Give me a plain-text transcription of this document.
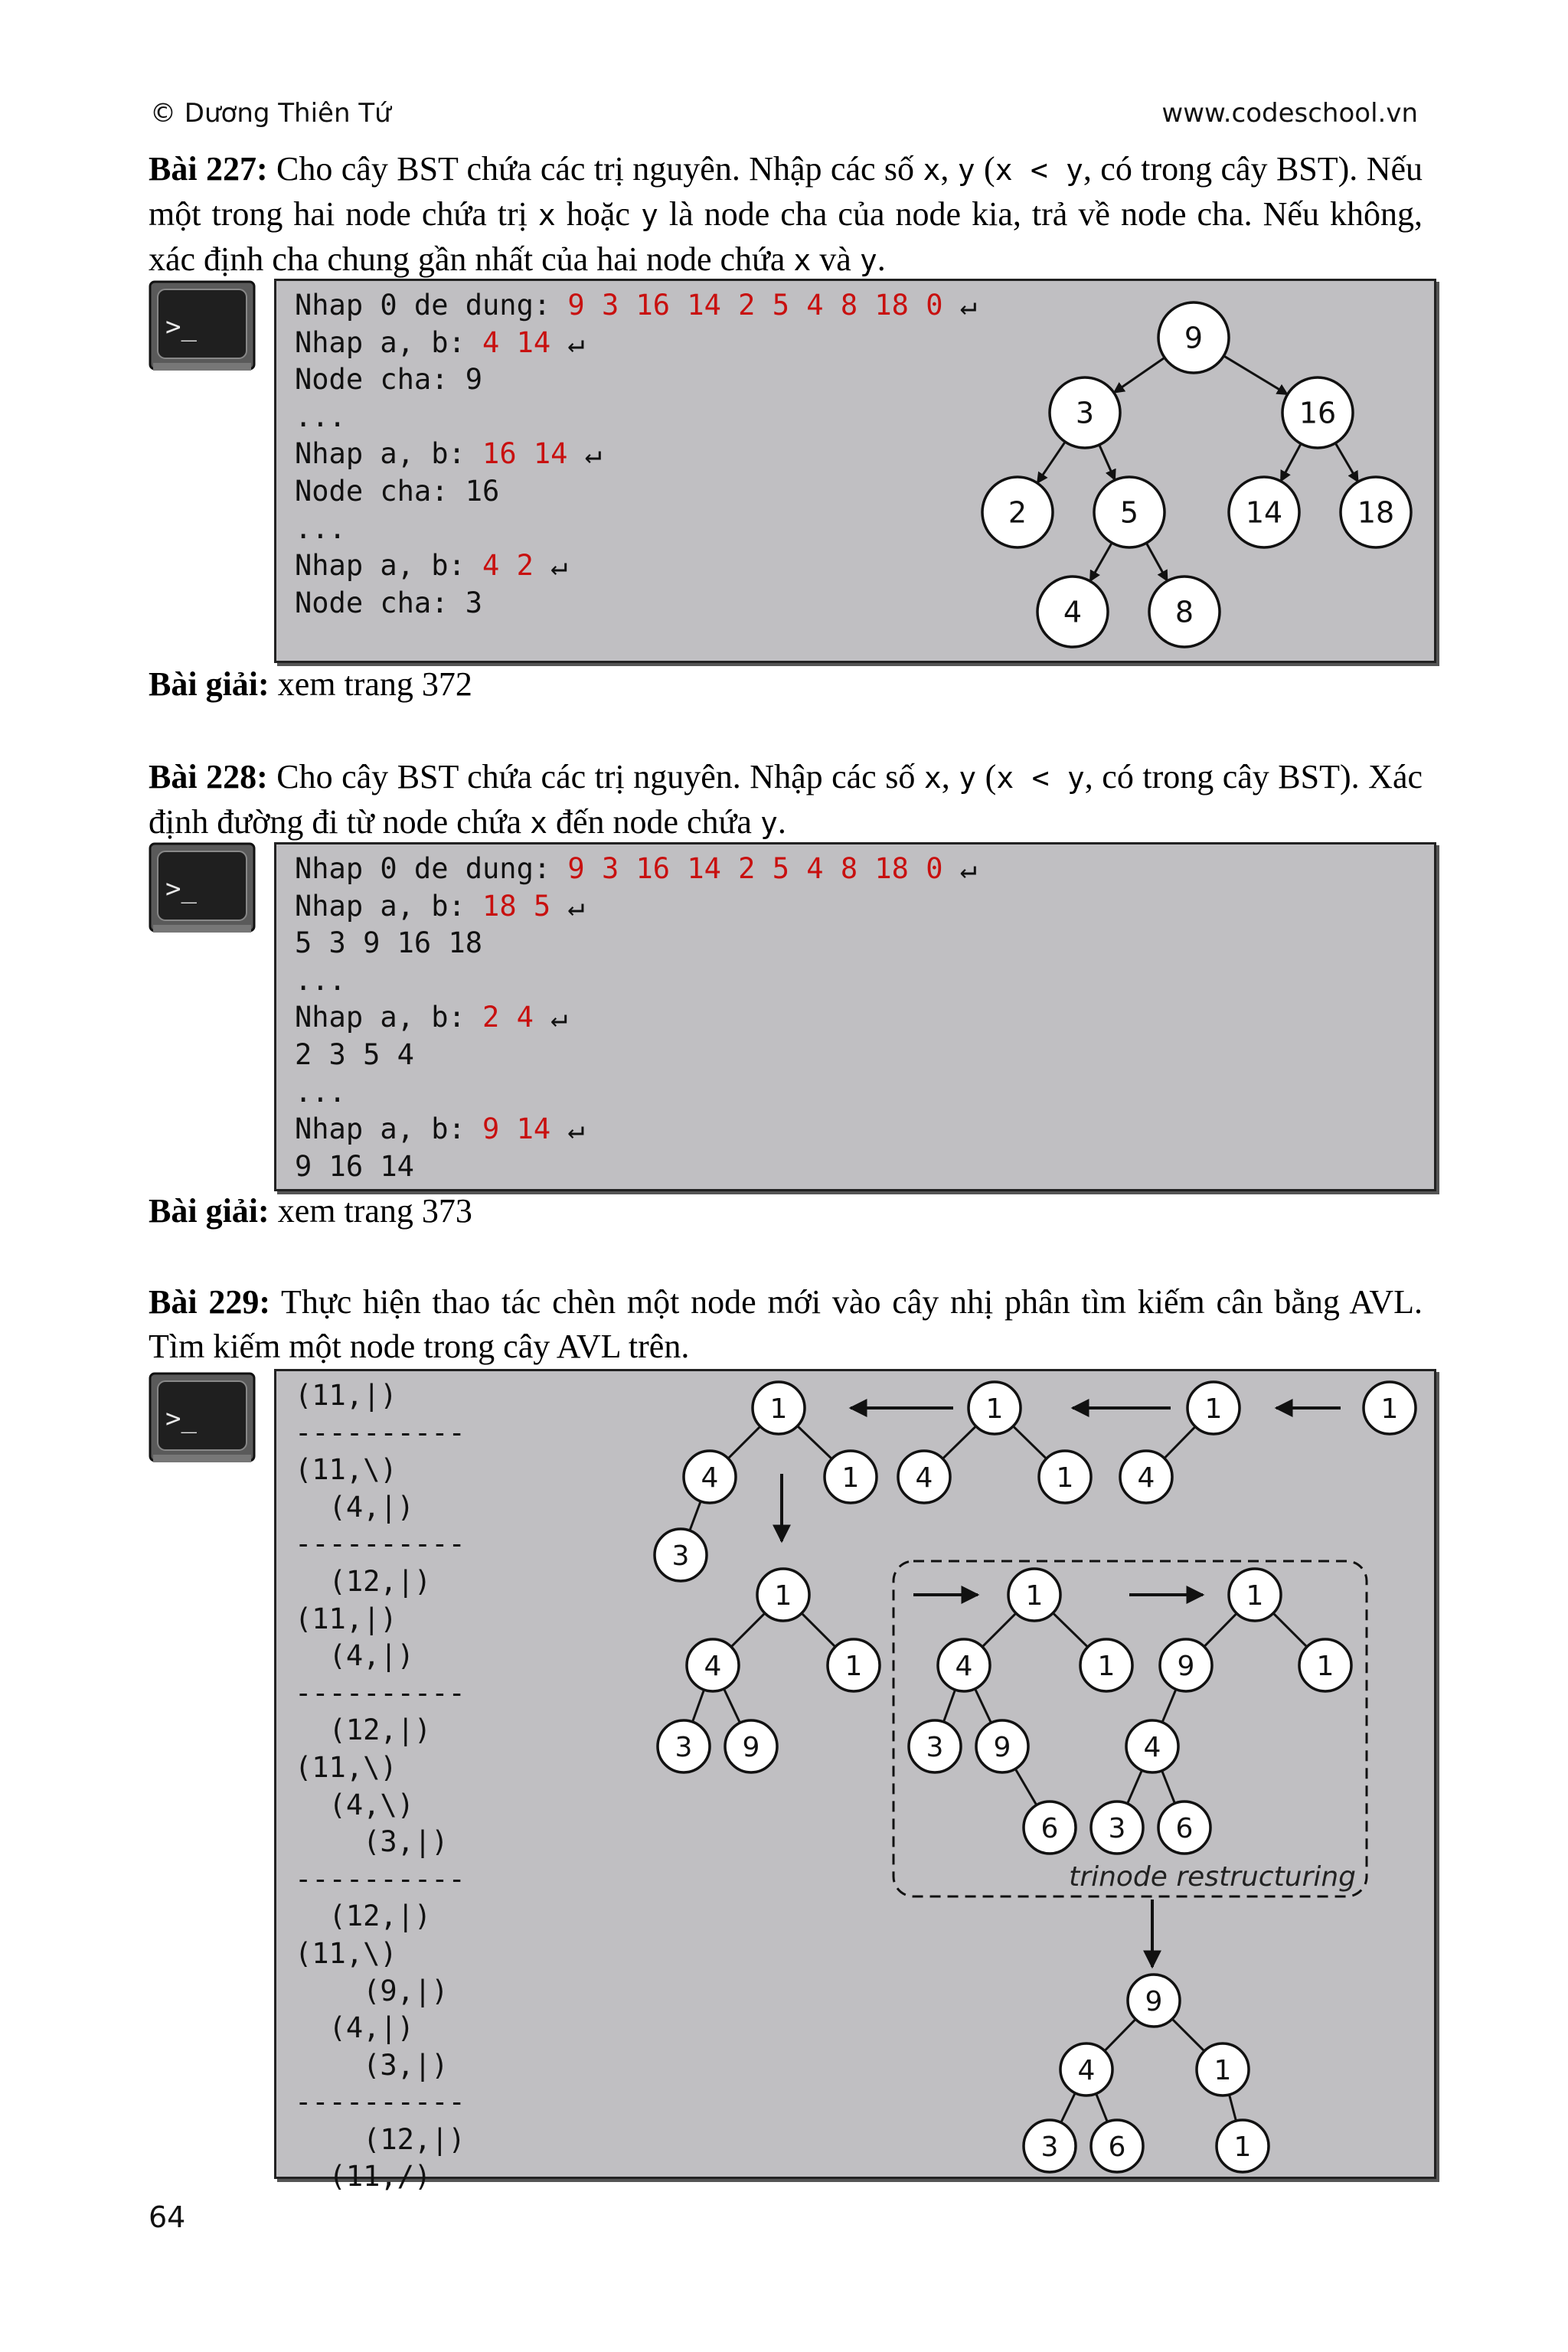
© Dương Thiên Tứ	www.codeschool.vn
Bài 227: Cho cây BST chứa các trị nguyên. Nhập các số x, y (x < y, có trong cây BST). Nếu một trong hai node chứa trị x hoặc y là node cha của node kia, trả về node cha. Nếu không, xác định cha chung gần nhất của hai node chứa x và y.
>_
Nhap 0 de dung: 9 3 16 14 2 5 4 8 18 0 ↵
Nhap a, b: 4 14 ↵
Node cha: 9
...
Nhap a, b: 16 14 ↵
Node cha: 16
...
Nhap a, b: 4 2 ↵
Node cha: 3
9
3	16
2	5	14	18
4	8
Bài giải: xem trang 372
Bài 228: Cho cây BST chứa các trị nguyên. Nhập các số x, y (x < y, có trong cây BST). Xác định đường đi từ node chứa x đến node chứa y.
>_
Nhap 0 de dung: 9 3 16 14 2 5 4 8 18 0 ↵
Nhap a, b: 18 5 ↵
5 3 9 16 18
...
Nhap a, b: 2 4 ↵
2 3 5 4
...
Nhap a, b: 9 14 ↵
9 16 14
Bài giải: xem trang 373
Bài 229: Thực hiện thao tác chèn một node mới vào cây nhị phân tìm kiếm cân bằng AVL. Tìm kiếm một node trong cây AVL trên.
>_
(11,|)
----------
(11,\)
(4,|)
----------
(12,|)
(11,|)
(4,|)
----------
(12,|)
(11,\)
(4,\)
(3,|)
----------
(12,|)
(11,\)
(9,|)
(4,|)
(3,|)
----------
(12,|)
(11,/)
1
1
4
1
4	1
1
4	1
3
1
4	1
3 9
1
4	1
3 9
6
1
9	1
4
3 6
trinode restructuring
9
4	1
3 6	1
64
